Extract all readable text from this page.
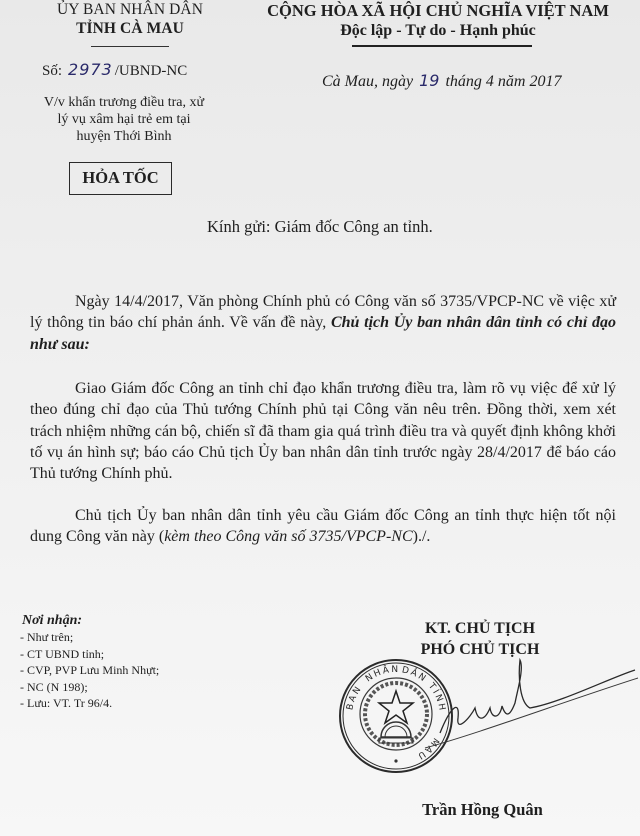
ỦY BAN NHÂN DÂN
TỈNH CÀ MAU
Số: 2973 /UBND-NC
V/v khẩn trương điều tra, xử
lý vụ xâm hại trẻ em tại
huyện Thới Bình
HỎA TỐC
CỘNG HÒA XÃ HỘI CHỦ NGHĨA VIỆT NAM
Độc lập - Tự do - Hạnh phúc
Cà Mau, ngày 19 tháng 4 năm 2017
Kính gửi: Giám đốc Công an tỉnh.
Ngày 14/4/2017, Văn phòng Chính phủ có Công văn số 3735/VPCP-NC về việc xử lý thông tin báo chí phản ánh. Về vấn đề này, Chủ tịch Ủy ban nhân dân tỉnh có chỉ đạo như sau:
Giao Giám đốc Công an tỉnh chỉ đạo khẩn trương điều tra, làm rõ vụ việc để xử lý theo đúng chỉ đạo của Thủ tướng Chính phủ tại Công văn nêu trên. Đồng thời, xem xét trách nhiệm những cán bộ, chiến sĩ đã tham gia quá trình điều tra và quyết định không khởi tố vụ án hình sự; báo cáo Chủ tịch Ủy ban nhân dân tỉnh trước ngày 28/4/2017 để báo cáo Thủ tướng Chính phủ.
Chủ tịch Ủy ban nhân dân tỉnh yêu cầu Giám đốc Công an tỉnh thực hiện tốt nội dung Công văn này (kèm theo Công văn số 3735/VPCP-NC)./.
Nơi nhận:
- Như trên;
- CT UBND tỉnh;
- CVP, PVP Lưu Minh Nhựt;
- NC (N 198);
- Lưu: VT. Tr 96/4.
KT. CHỦ TỊCH
PHÓ CHỦ TỊCH
BAN
NHÂN DÂN
TỈNH
MAU
Trần Hồng Quân
